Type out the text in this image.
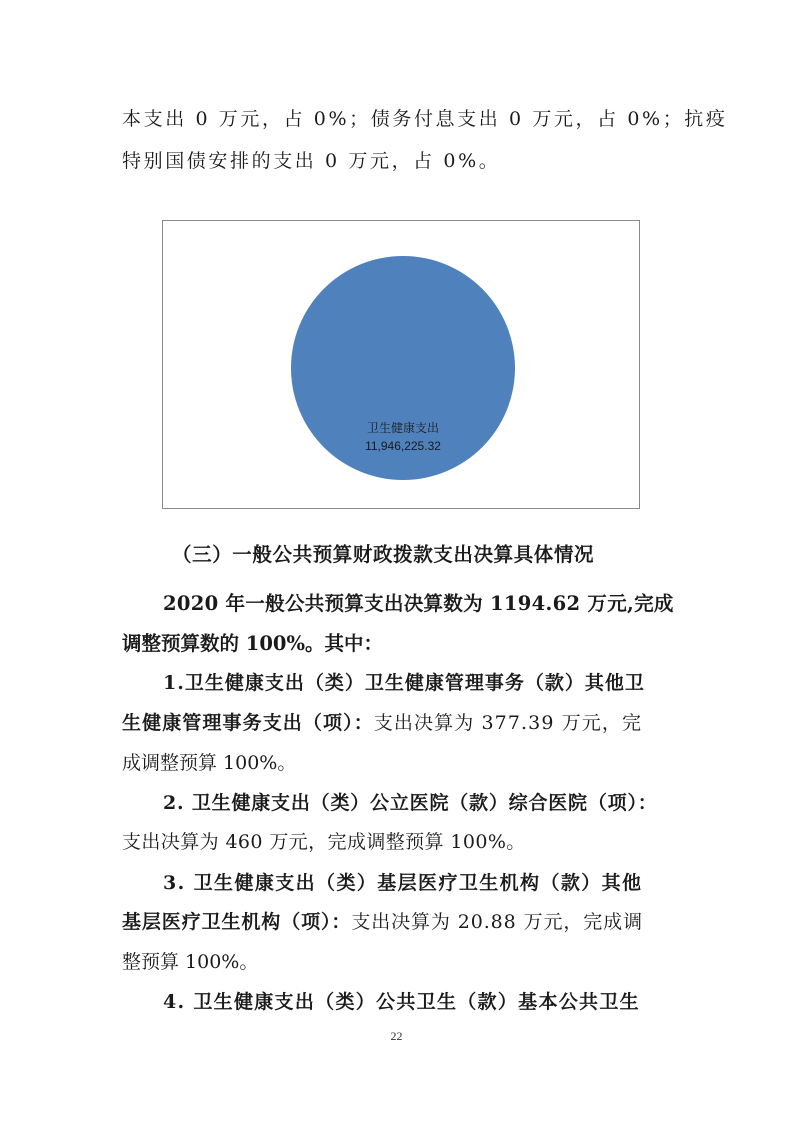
本支出 0 万元，占 0%；债务付息支出 0 万元，占 0%；抗疫
特别国债安排的支出 0 万元，占 0%。
卫生健康支出
11,946,225.32
（三）一般公共预算财政拨款支出决算具体情况
2020 年一般公共预算支出决算数为 1194.62 万元,完成
调整预算数的 100%。其中：
1.卫生健康支出（类）卫生健康管理事务（款）其他卫
生健康管理事务支出（项）：支出决算为 377.39 万元，完
成调整预算 100%。
2. 卫生健康支出（类）公立医院（款）综合医院（项）：
支出决算为 460 万元，完成调整预算 100%。
3. 卫生健康支出（类）基层医疗卫生机构（款）其他
基层医疗卫生机构（项）：支出决算为 20.88 万元，完成调
整预算 100%。
4. 卫生健康支出（类）公共卫生（款）基本公共卫生
22
